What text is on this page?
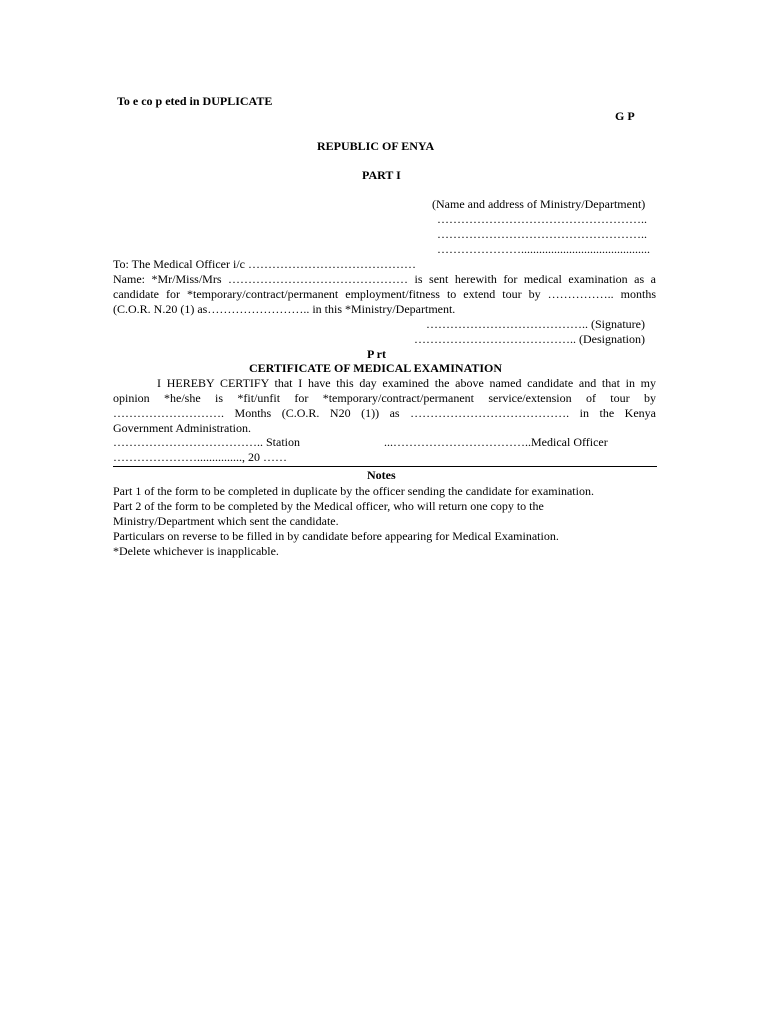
To e co p eted in DUPLICATE
G P
REPUBLIC OF ENYA
PART I
(Name and address of Ministry/Department)
……………………………………………..
……………………………………………..
…………………...........................................
To: The Medical Officer i/c ……………………………………
Name: *Mr/Miss/Mrs ……………………………………… is sent herewith for medical examination as a
candidate for *temporary/contract/permanent employment/fitness to extend tour by …………….. months
(C.O.R. N.20 (1) as…………………….. in this *Ministry/Department.
………………………………….. (Signature)
………………………………….. (Designation)
P rt
CERTIFICATE OF MEDICAL EXAMINATION
I HEREBY CERTIFY that I have this day examined the above named candidate and that in my
opinion *he/she is *fit/unfit for *temporary/contract/permanent service/extension of tour by
………………………. Months (C.O.R. N20 (1)) as …………………………………. in the Kenya
Government Administration.
……………………………….. Station	...……………………………..Medical Officer
…………………..............., 20 ……
Notes
Part 1 of the form to be completed in duplicate by the officer sending the candidate for examination.
Part 2 of the form to be completed by the Medical officer, who will return one copy to the
Ministry/Department which sent the candidate.
Particulars on reverse to be filled in by candidate before appearing for Medical Examination.
*Delete whichever is inapplicable.
